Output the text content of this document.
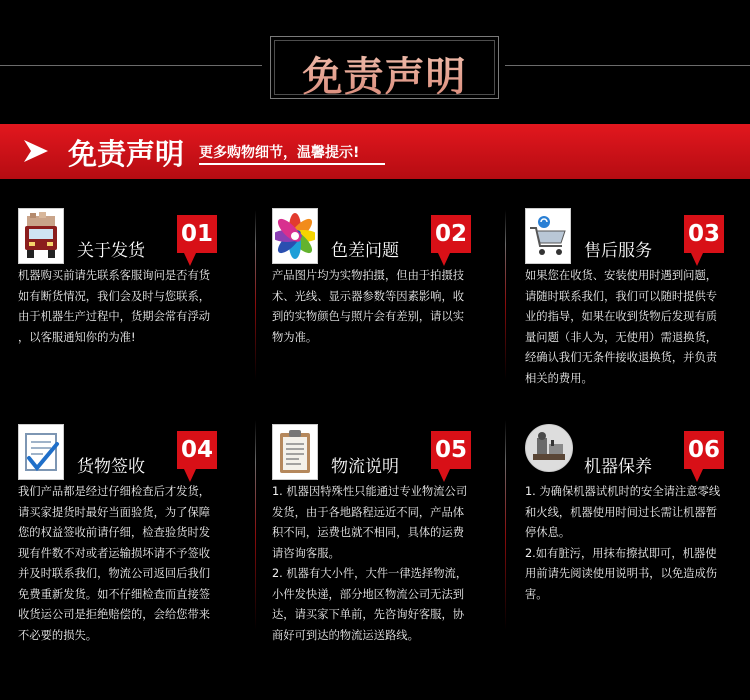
免责声明
免责声明 更多购物细节，温馨提示!
关于发货
01
机器购买前请先联系客服询问是否有货
如有断货情况，我们会及时与您联系，
由于机器生产过程中，货期会常有浮动
，以客服通知你的为准!
色差问题
02
产品图片均为实物拍摄，但由于拍摄技
术、光线、显示器参数等因素影响，收
到的实物颜色与照片会有差别，请以实
物为准。
售后服务
03
如果您在收货、安装使用时遇到问题，
请随时联系我们，我们可以随时提供专
业的指导，如果在收到货物后发现有质
量问题（非人为，无使用）需退换货，
经确认我们无条件接收退换货，并负责
相关的费用。
货物签收
04
我们产品都是经过仔细检查后才发货，
请买家提货时最好当面验货，为了保障
您的权益签收前请仔细，检查验货时发
现有件数不对或者运输损坏请不予签收
并及时联系我们，物流公司返回后我们
免费重新发货。如不仔细检查而直接签
收货运公司是拒绝赔偿的，会给您带来
不必要的损失。
物流说明
05
1. 机器因特殊性只能通过专业物流公司
发货，由于各地路程远近不同，产品体
积不同，运费也就不相同，具体的运费
请咨询客服。
2. 机器有大小件，大件一律选择物流，
小件发快递，部分地区物流公司无法到
达，请买家下单前，先咨询好客服，协
商好可到达的物流运送路线。
机器保养
06
1. 为确保机器试机时的安全请注意零线
和火线，机器使用时间过长需让机器暂
停休息。
2.如有脏污，用抹布擦拭即可，机器使
用前请先阅读使用说明书，以免造成伤
害。
